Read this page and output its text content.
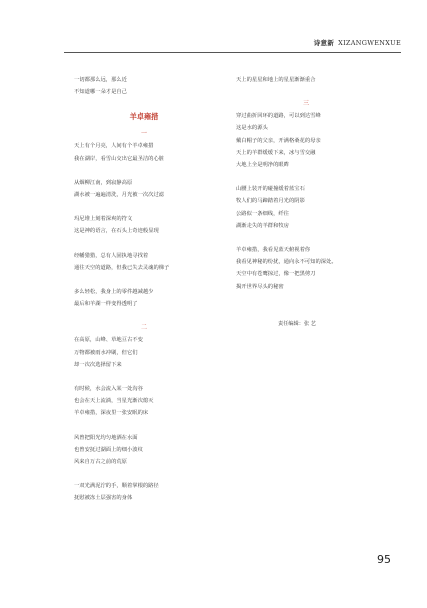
诗意新 XIZANGWENXUE
一切都那么远，那么近
不知道哪一朵才是自己
羊卓雍措
一
天上有个月亮，人间有个羊卓雍措
我在湖岸，看雪山交出它最圣洁的心脏
从烟柳江南，到寂静高原
湖水被一遍遍清洗，月光被一次次过滤
玛尼堆上刻着深爽的符文
这是神的语言，在石头上奇迹般显现
经幡猎猎，总有人固执地寻找着
通往天空的道路，但我已失去灵魂的梯子
多么轻松，我身上的零件越减越少
最后和羊湖一样变得透明了
二
在高原，山峰、草地亘古不变
万物都被雨水冲刷，但它们
却一次次选择留下来
有时候，水会流入某一处沟谷
也会在天上流淌，当星光渐次熄灭
羊卓雍措，深夜里一张安眠的床
风曾把阳光均匀地洒在水面
也曾安抚过湖面上的细小波纹
风来自万古之前的荒原
一双光满泥泞的手，顺着掌根的路径
抚慰被冻土层强害的身体
天上的星星和地上的星星渐渐重合
三
穿过曲折回环的道路，可以到达雪峰
这是水的源头
戴白帽子的父亲，开满格桑花的母亲
天上的羊群缓缓下来，冰与雪交融
大地上全是明净的眼眸
山腰上装开的碰撞缓着蓝宝石
牧人们的马蹄踏着月光的阴影
公路似一条细线，纤往
湖渐走失的羊群和牧房
羊卓雍措，我看见蓝天俯视着你
我看见神秘的纷扰，通向永不可知的深处。
天空中有苍鹰掠过，像一把黑剪刀
揭开世界尽头的秘密
责任编辑：张 艺
95
